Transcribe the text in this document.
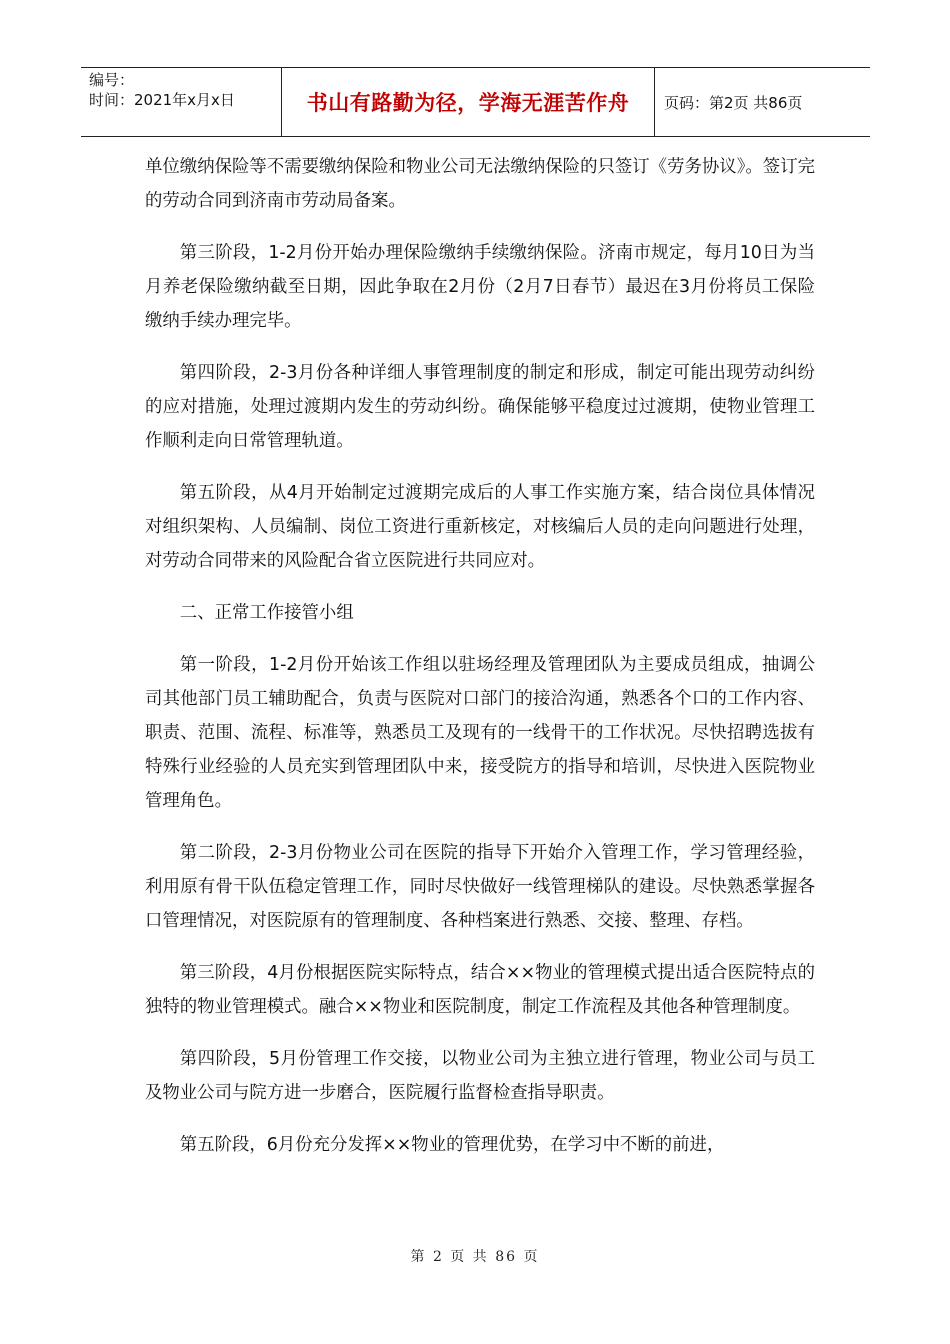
编号：
时间：2021年x月x日	书山有路勤为径，学海无涯苦作舟	页码：第2页 共86页

单位缴纳保险等不需要缴纳保险和物业公司无法缴纳保险的只签订《劳务协议》。签订完的劳动合同到济南市劳动局备案。

第三阶段，1-2月份开始办理保险缴纳手续缴纳保险。济南市规定，每月10日为当月养老保险缴纳截至日期，因此争取在2月份（2月7日春节）最迟在3月份将员工保险缴纳手续办理完毕。

第四阶段，2-3月份各种详细人事管理制度的制定和形成，制定可能出现劳动纠纷的应对措施，处理过渡期内发生的劳动纠纷。确保能够平稳度过过渡期，使物业管理工作顺利走向日常管理轨道。

第五阶段，从4月开始制定过渡期完成后的人事工作实施方案，结合岗位具体情况对组织架构、人员编制、岗位工资进行重新核定，对核编后人员的走向问题进行处理，对劳动合同带来的风险配合省立医院进行共同应对。

二、正常工作接管小组

第一阶段，1-2月份开始该工作组以驻场经理及管理团队为主要成员组成，抽调公司其他部门员工辅助配合，负责与医院对口部门的接洽沟通，熟悉各个口的工作内容、职责、范围、流程、标准等，熟悉员工及现有的一线骨干的工作状况。尽快招聘选拔有特殊行业经验的人员充实到管理团队中来，接受院方的指导和培训，尽快进入医院物业管理角色。

第二阶段，2-3月份物业公司在医院的指导下开始介入管理工作，学习管理经验，利用原有骨干队伍稳定管理工作，同时尽快做好一线管理梯队的建设。尽快熟悉掌握各口管理情况，对医院原有的管理制度、各种档案进行熟悉、交接、整理、存档。

第三阶段，4月份根据医院实际特点，结合××物业的管理模式提出适合医院特点的独特的物业管理模式。融合××物业和医院制度，制定工作流程及其他各种管理制度。

第四阶段，5月份管理工作交接，以物业公司为主独立进行管理，物业公司与员工及物业公司与院方进一步磨合，医院履行监督检查指导职责。

第五阶段，6月份充分发挥××物业的管理优势，在学习中不断的前进，

第 2 页 共 86 页
